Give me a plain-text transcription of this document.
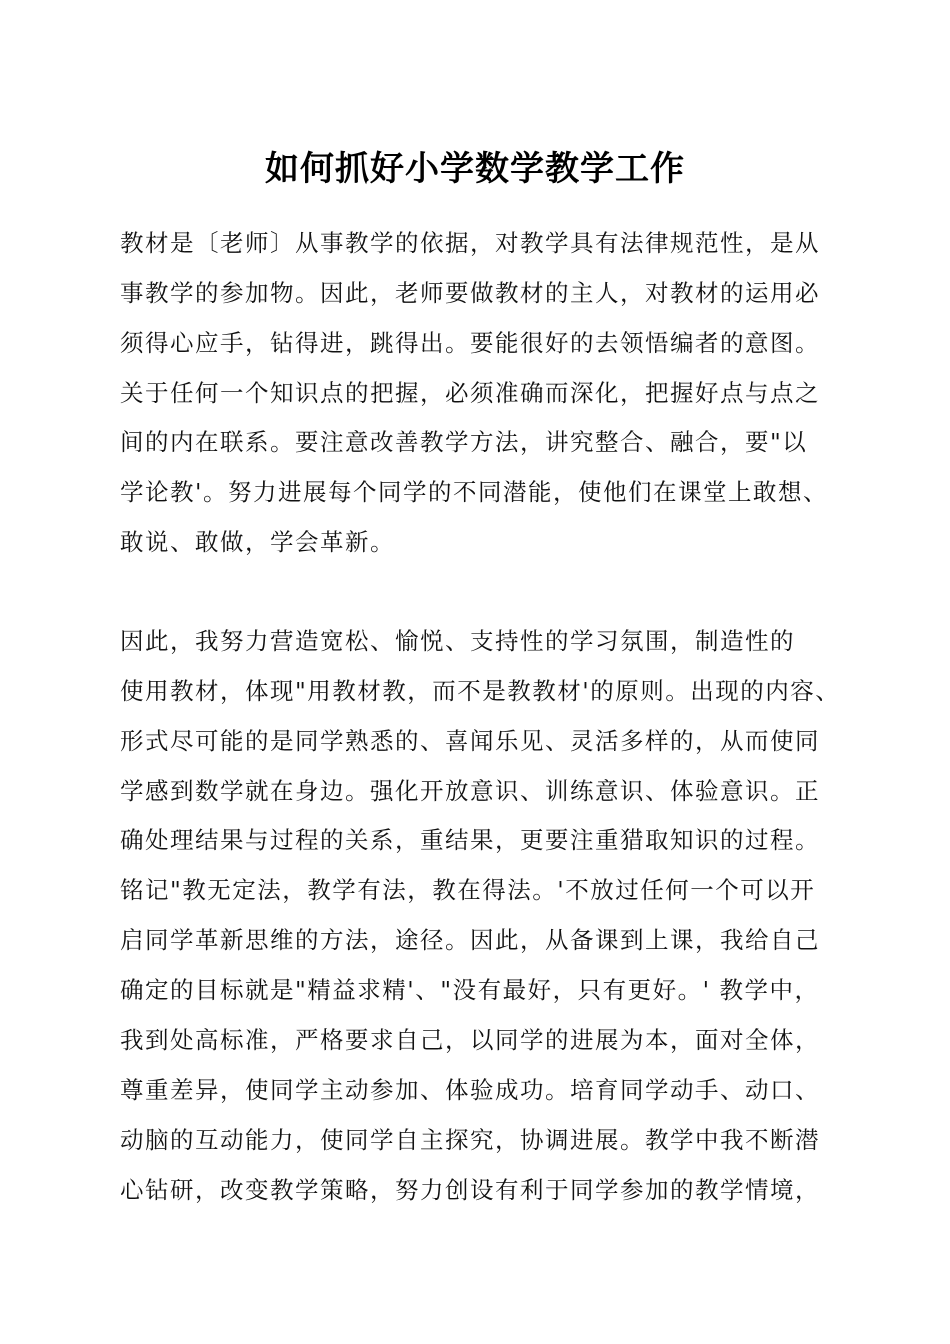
如何抓好小学数学教学工作
教材是〔老师〕从事教学的依据，对教学具有法律规范性，是从
事教学的参加物。因此，老师要做教材的主人，对教材的运用必
须得心应手，钻得进，跳得出。要能很好的去领悟编者的意图。
关于任何一个知识点的把握，必须准确而深化，把握好点与点之
间的内在联系。要注意改善教学方法，讲究整合、融合，要"以
学论教'。努力进展每个同学的不同潜能，使他们在课堂上敢想、
敢说、敢做，学会革新。
因此，我努力营造宽松、愉悦、支持性的学习氛围，制造性的
使用教材，体现"用教材教，而不是教教材'的原则。出现的内容、
形式尽可能的是同学熟悉的、喜闻乐见、灵活多样的，从而使同
学感到数学就在身边。强化开放意识、训练意识、体验意识。正
确处理结果与过程的关系，重结果，更要注重猎取知识的过程。
铭记"教无定法，教学有法，教在得法。'不放过任何一个可以开
启同学革新思维的方法，途径。因此，从备课到上课，我给自己
确定的目标就是"精益求精'、"没有最好，只有更好。' 教学中，
我到处高标准，严格要求自己，以同学的进展为本，面对全体，
尊重差异，使同学主动参加、体验成功。培育同学动手、动口、
动脑的互动能力，使同学自主探究，协调进展。教学中我不断潜
心钻研，改变教学策略，努力创设有利于同学参加的教学情境，
